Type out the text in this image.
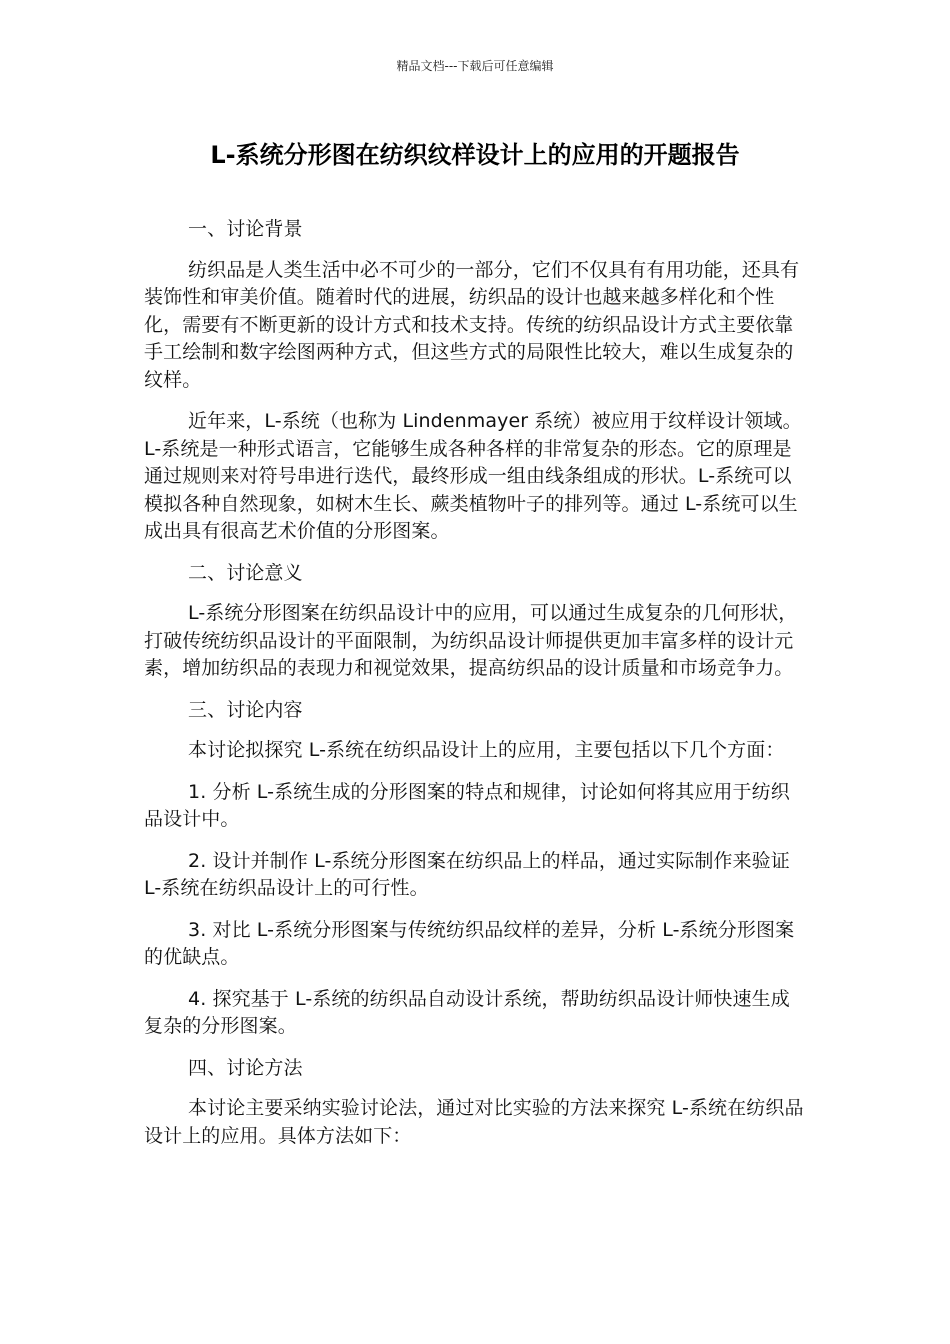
精品文档---下载后可任意编辑
L-系统分形图在纺织纹样设计上的应用的开题报告

一、讨论背景

纺织品是人类生活中必不可少的一部分，它们不仅具有有用功能，还具有装饰性和审美价值。随着时代的进展，纺织品的设计也越来越多样化和个性化，需要有不断更新的设计方式和技术支持。传统的纺织品设计方式主要依靠手工绘制和数字绘图两种方式，但这些方式的局限性比较大，难以生成复杂的纹样。

近年来，L-系统（也称为 Lindenmayer 系统）被应用于纹样设计领域。L-系统是一种形式语言，它能够生成各种各样的非常复杂的形态。它的原理是通过规则来对符号串进行迭代，最终形成一组由线条组成的形状。L-系统可以模拟各种自然现象，如树木生长、蕨类植物叶子的排列等。通过 L-系统可以生成出具有很高艺术价值的分形图案。

二、讨论意义

L-系统分形图案在纺织品设计中的应用，可以通过生成复杂的几何形状，打破传统纺织品设计的平面限制，为纺织品设计师提供更加丰富多样的设计元素，增加纺织品的表现力和视觉效果，提高纺织品的设计质量和市场竞争力。

三、讨论内容

本讨论拟探究 L-系统在纺织品设计上的应用，主要包括以下几个方面：

1. 分析 L-系统生成的分形图案的特点和规律，讨论如何将其应用于纺织品设计中。

2. 设计并制作 L-系统分形图案在纺织品上的样品，通过实际制作来验证 L-系统在纺织品设计上的可行性。

3. 对比 L-系统分形图案与传统纺织品纹样的差异，分析 L-系统分形图案的优缺点。

4. 探究基于 L-系统的纺织品自动设计系统，帮助纺织品设计师快速生成复杂的分形图案。

四、讨论方法

本讨论主要采纳实验讨论法，通过对比实验的方法来探究 L-系统在纺织品设计上的应用。具体方法如下：
